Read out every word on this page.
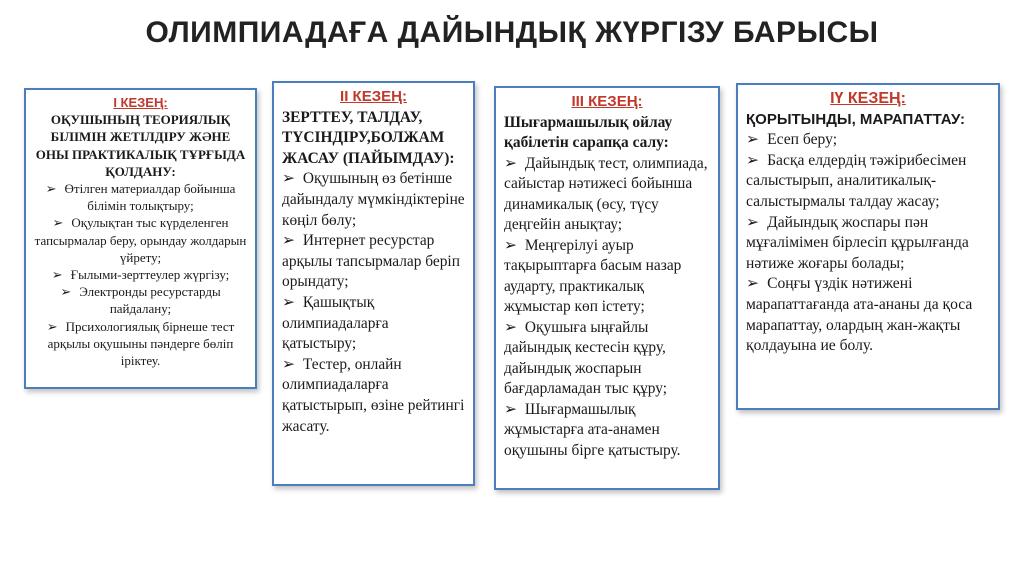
ОЛИМПИАДАҒА ДАЙЫНДЫҚ ЖҮРГІЗУ БАРЫСЫ
І КЕЗЕҢ:
ОҚУШЫНЫҢ ТЕОРИЯЛЫҚ БІЛІМІН ЖЕТІЛДІРУ ЖӘНЕ ОНЫ ПРАКТИКАЛЫҚ ТҰРҒЫДА ҚОЛДАНУ:
➢ Өтілген материалдар бойынша білімін толықтыру;
➢ Оқулықтан тыс күрделенген тапсырмалар беру, орындау жолдарын үйрету;
➢ Ғылыми-зерттеулер жүргізу;
➢ Электронды ресурстарды пайдалану;
➢ Прсихологиялық бірнеше тест арқылы оқушыны пәндерге бөліп іріктеу.
ІІ КЕЗЕҢ:
ЗЕРТТЕУ, ТАЛДАУ, ТҮСІНДІРУ,БОЛЖАМ ЖАСАУ (ПАЙЫМДАУ):
➢ Оқушының өз бетінше дайындалу мүмкіндіктеріне көңіл бөлу;
➢ Интернет ресурстар арқылы тапсырмалар беріп орындату;
➢ Қашықтық олимпиадаларға қатыстыру;
➢ Тестер, онлайн олимпиадаларға қатыстырып, өзіне рейтингі жасату.
ІІІ КЕЗЕҢ:
Шығармашылық ойлау қабілетін сарапқа салу:
➢ Дайындық тест, олимпиада, сайыстар нәтижесі бойынша динамикалық (өсу, түсу деңгейін анықтау;
➢ Меңгерілуі ауыр тақырыптарға басым назар аударту, практикалық жұмыстар көп істету;
➢ Оқушыға ыңғайлы дайындық кестесін құру, дайындық жоспарын бағдарламадан тыс құру;
➢ Шығармашылық жұмыстарға ата-анамен оқушыны бірге қатыстыру.
ІҮ КЕЗЕҢ:
ҚОРЫТЫНДЫ, МАРАПАТТАУ:
➢ Есеп беру;
➢ Басқа елдердің тәжірибесімен салыстырып, аналитикалық-салыстырмалы талдау жасау;
➢ Дайындық жоспары пән мұғалімімен бірлесіп құрылғанда нәтиже жоғары болады;
➢ Соңғы үздік нәтижені марапаттағанда ата-ананы да қоса марапаттау, олардың жан-жақты қолдауына ие болу.
